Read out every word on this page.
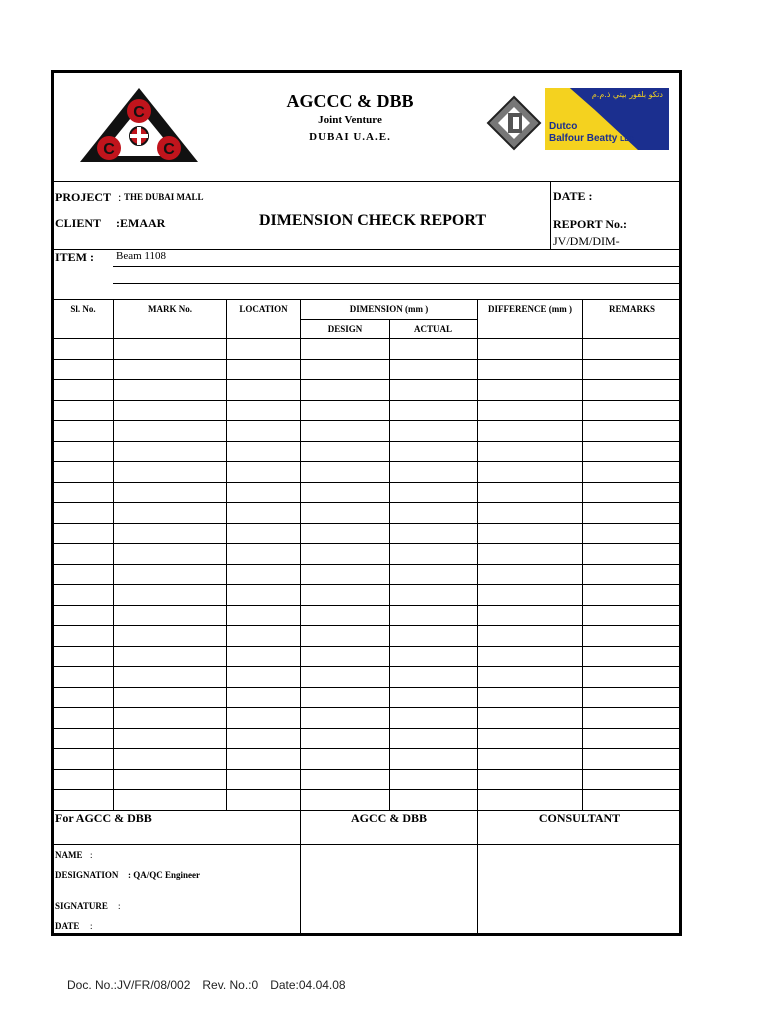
C
C	C
AGCCC & DBB
Joint Venture
DUBAI U.A.E.
دتكو بلفور بيتي ذ.م.م
Dutco
Balfour Beatty LLC
PROJECT : THE DUBAI MALL
CLIENT :EMAAR	DIMENSION CHECK REPORT
DATE :
REPORT No.:
JV/DM/DIM-
ITEM : Beam 1108
Sl. No.	MARK No.	LOCATION	DIMENSION (mm )
DESIGN	ACTUAL
DIFFERENCE (mm )	REMARKS
For AGCC & DBB	AGCC & DBB	CONSULTANT
NAME :
DESIGNATION : QA/QC Engineer
SIGNATURE :
DATE :
Doc. No.:JV/FR/08/002 Rev. No.:0 Date:04.04.08
